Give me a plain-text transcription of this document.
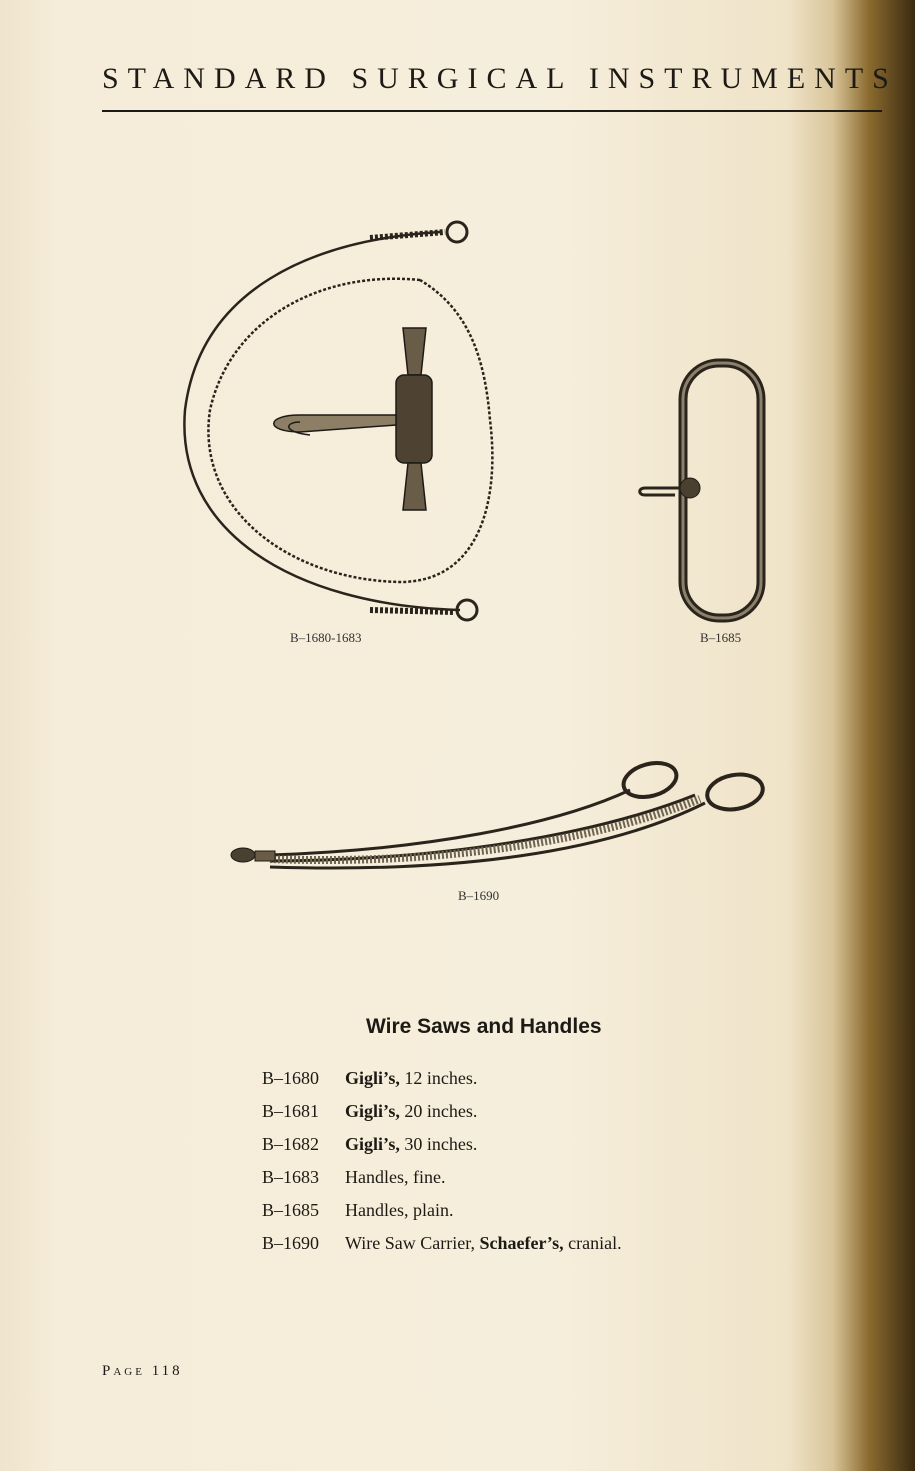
STANDARD SURGICAL INSTRUMENTS
B–1680-1683	B–1685
B–1690
Wire Saws and Handles
B–1680	Gigli’s, 12 inches.
B–1681	Gigli’s, 20 inches.
B–1682	Gigli’s, 30 inches.
B–1683	Handles, fine.
B–1685	Handles, plain.
B–1690	Wire Saw Carrier, Schaefer’s, cranial.
PAGE 118
